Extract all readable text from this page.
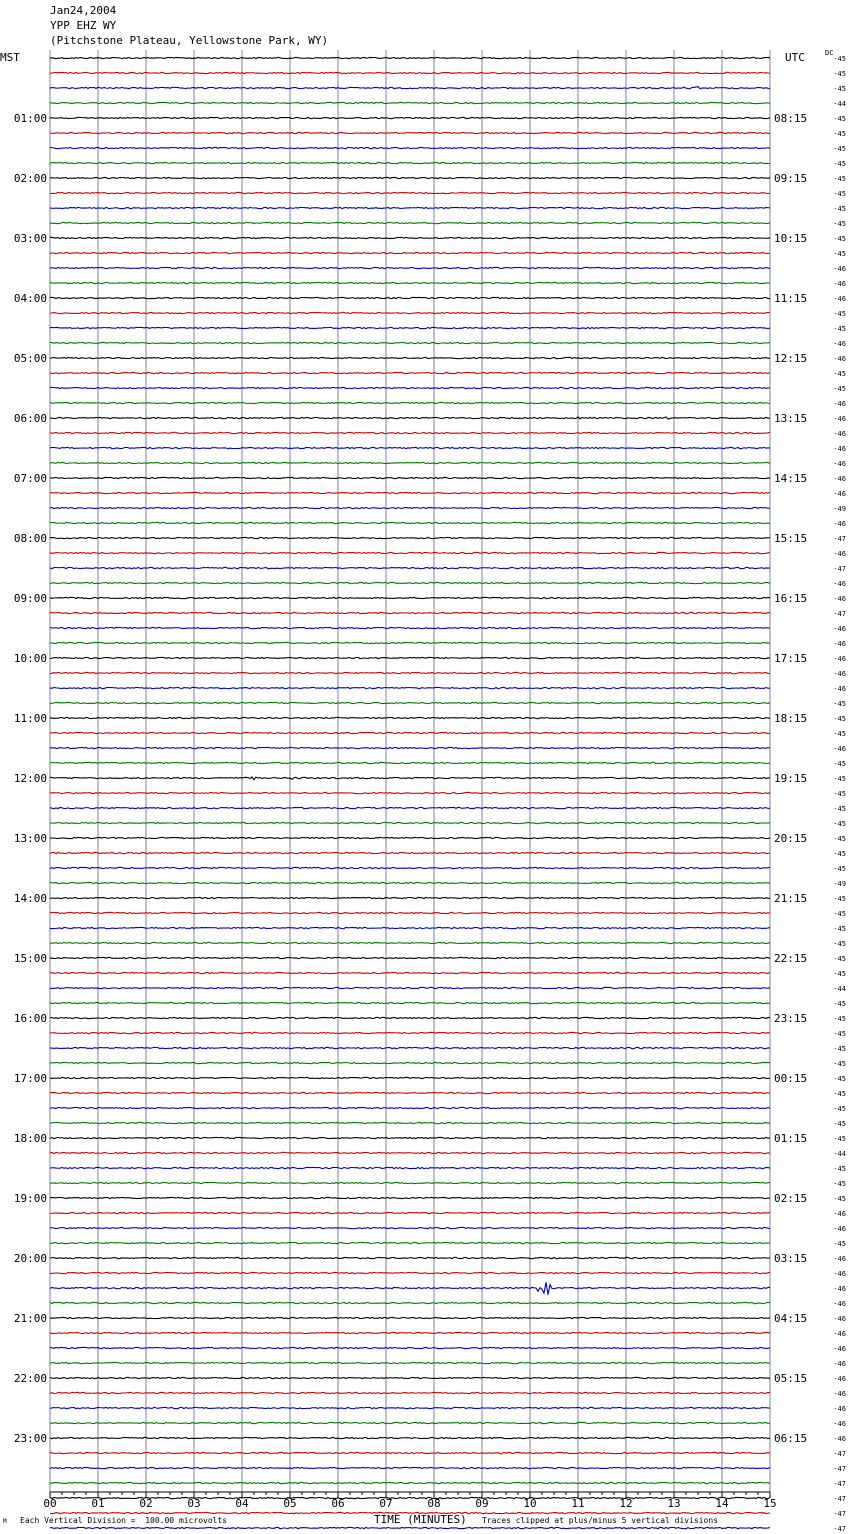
Jan24,2004
YPP EHZ WY
(Pitchstone Plateau, Yellowstone Park, WY)
MST	UTC	DC
00	01	02	03	04	05	06	07	08	09	10	11	12	13	14	15
-45
-45
-45
-44
-45
-45
-45
-45
-45
-45
-45
-45
-45
-45
-46
-46
-46
-45
-45
-46
-46
-45
-45
-46
-46
-46
-46
-46
-46
-46
-49
-46
-47
-46
-47
-46
-46
-47
-46
-46
-46
-46
-46
-45
-45
-45
-46
-45
-45
-45
-45
-45
-45
-45
-45
-49
-45
-45
-45
-45
-45
-45
-44
-45
-45
-45
-45
-45
-45
-45
-45
-45
-45
-44
-45
-45
-45
-46
-46
-45
-46
-46
-46
-46
-46
-46
-46
-46
-46
-46
-46
-46
-46
-47
-47
-47
-47
-47
-47
01:00	08:15
02:00	09:15
03:00	10:15
04:00	11:15
05:00	12:15
06:00	13:15
07:00	14:15
08:00	15:15
09:00	16:15
10:00	17:15
11:00	18:15
12:00	19:15
13:00	20:15
14:00	21:15
15:00	22:15
16:00	23:15
17:00	00:15
18:00	01:15
19:00	02:15
20:00	03:15
21:00	04:15
22:00	05:15
23:00	06:15
M Each Vertical Division =  100.00 microvolts	TIME (MINUTES) Traces clipped at plus/minus 5 vertical divisions
